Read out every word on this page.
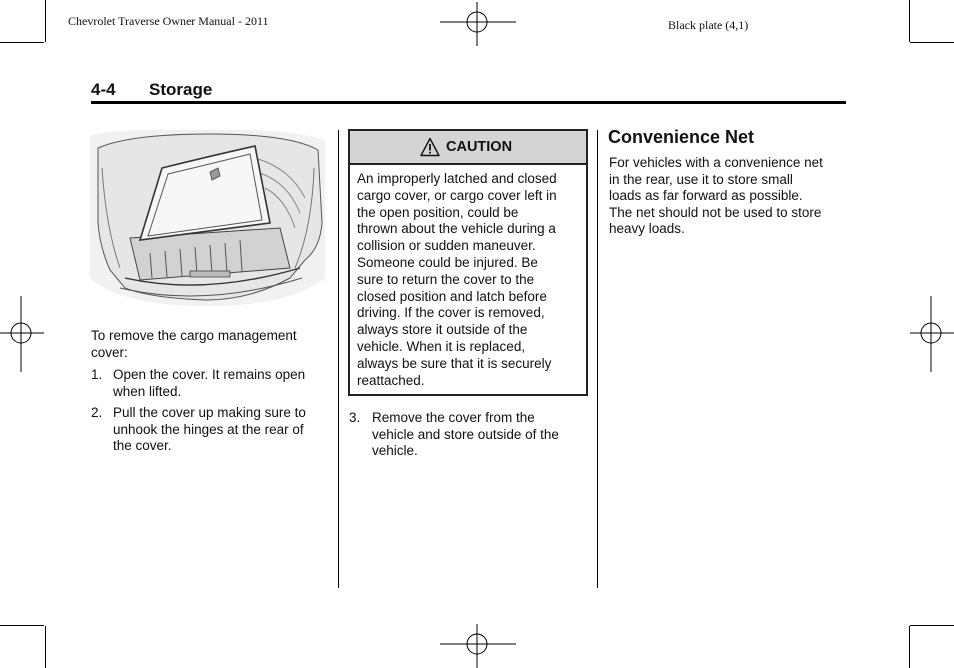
Chevrolet Traverse Owner Manual - 2011	Black plate (4,1)
4-4 Storage
To remove the cargo management
cover:
1. Open the cover. It remains open
when lifted.
2. Pull the cover up making sure to
unhook the hinges at the rear of
the cover.
CAUTION
An improperly latched and closed
cargo cover, or cargo cover left in
the open position, could be
thrown about the vehicle during a
collision or sudden maneuver.
Someone could be injured. Be
sure to return the cover to the
closed position and latch before
driving. If the cover is removed,
always store it outside of the
vehicle. When it is replaced,
always be sure that it is securely
reattached.
3. Remove the cover from the
vehicle and store outside of the
vehicle.
Convenience Net
For vehicles with a convenience net
in the rear, use it to store small
loads as far forward as possible.
The net should not be used to store
heavy loads.
